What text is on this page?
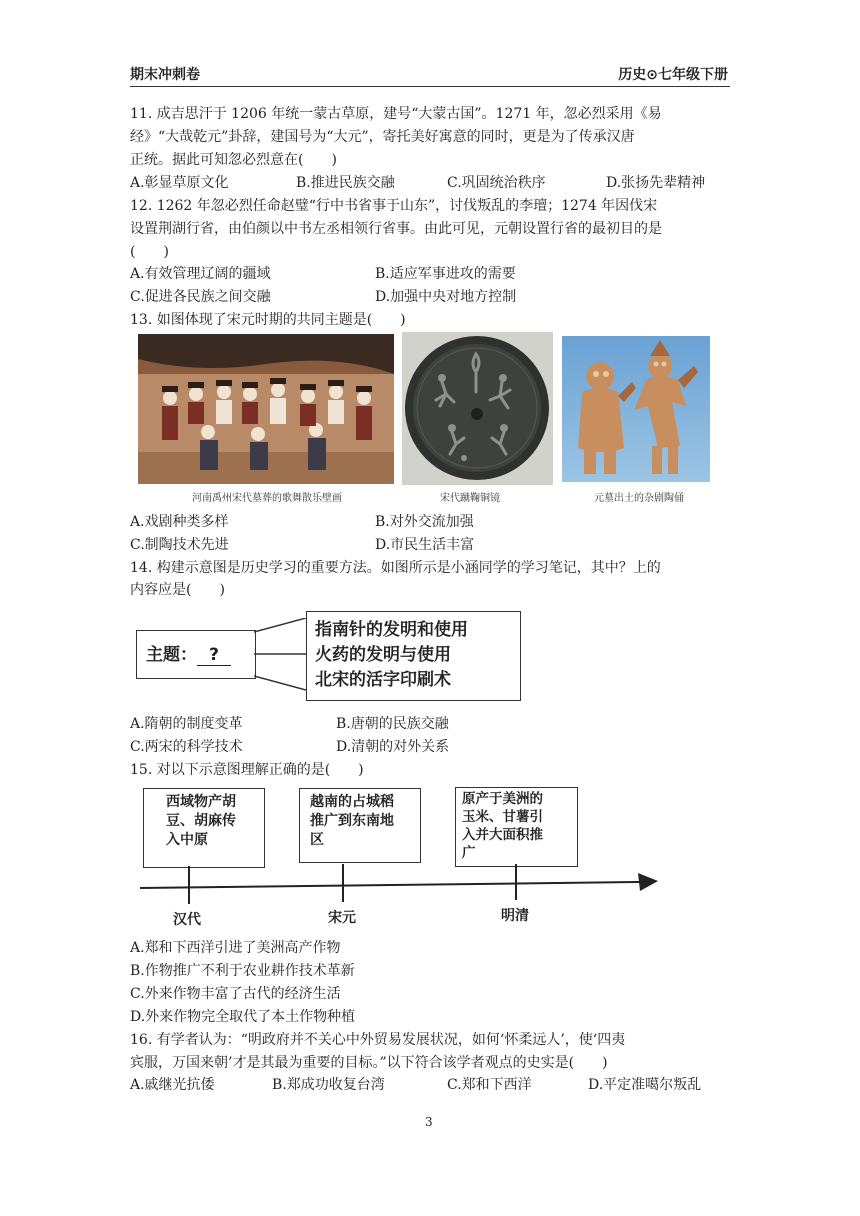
期末冲刺卷	历史⊙七年级下册
11. 成吉思汗于 1206 年统一蒙古草原，建号“大蒙古国”。1271 年，忽必烈采用《易
经》“大哉乾元”卦辞，建国号为“大元”，寄托美好寓意的同时，更是为了传承汉唐
正统。据此可知忽必烈意在(　　)
A.彰显草原文化	B.推进民族交融	C.巩固统治秩序	D.张扬先辈精神
12. 1262 年忽必烈任命赵璧“行中书省事于山东”，讨伐叛乱的李璮；1274 年因伐宋
设置荆湖行省，由伯颜以中书左丞相领行省事。由此可见，元朝设置行省的最初目的是
(　　)
A.有效管理辽阔的疆域	B.适应军事进攻的需要
C.促进各民族之间交融	D.加强中央对地方控制
13. 如图体现了宋元时期的共同主题是(　　)
河南禹州宋代墓葬的歌舞散乐壁画	宋代蹴鞠铜镜	元墓出土的杂剧陶俑
A.戏剧种类多样	B.对外交流加强
C.制陶技术先进	D.市民生活丰富
14. 构建示意图是历史学习的重要方法。如图所示是小涵同学的学习笔记，其中？上的
内容应是(　　)
主题： ?
指南针的发明和使用
火药的发明与使用
北宋的活字印刷术
A.隋朝的制度变革	B.唐朝的民族交融
C.两宋的科学技术	D.清朝的对外关系
15. 对以下示意图理解正确的是(　　)
西域物产胡
豆、胡麻传
入中原
越南的占城稻
推广到东南地
区
原产于美洲的
玉米、甘薯引
入并大面积推
广
汉代	宋元	明清
A.郑和下西洋引进了美洲高产作物
B.作物推广不利于农业耕作技术革新
C.外来作物丰富了古代的经济生活
D.外来作物完全取代了本土作物种植
16. 有学者认为：“明政府并不关心中外贸易发展状况，如何‘怀柔远人’，使‘四夷
宾服，万国来朝’才是其最为重要的目标。”以下符合该学者观点的史实是(　　)
A.戚继光抗倭	B.郑成功收复台湾	C.郑和下西洋	D.平定准噶尔叛乱
3
